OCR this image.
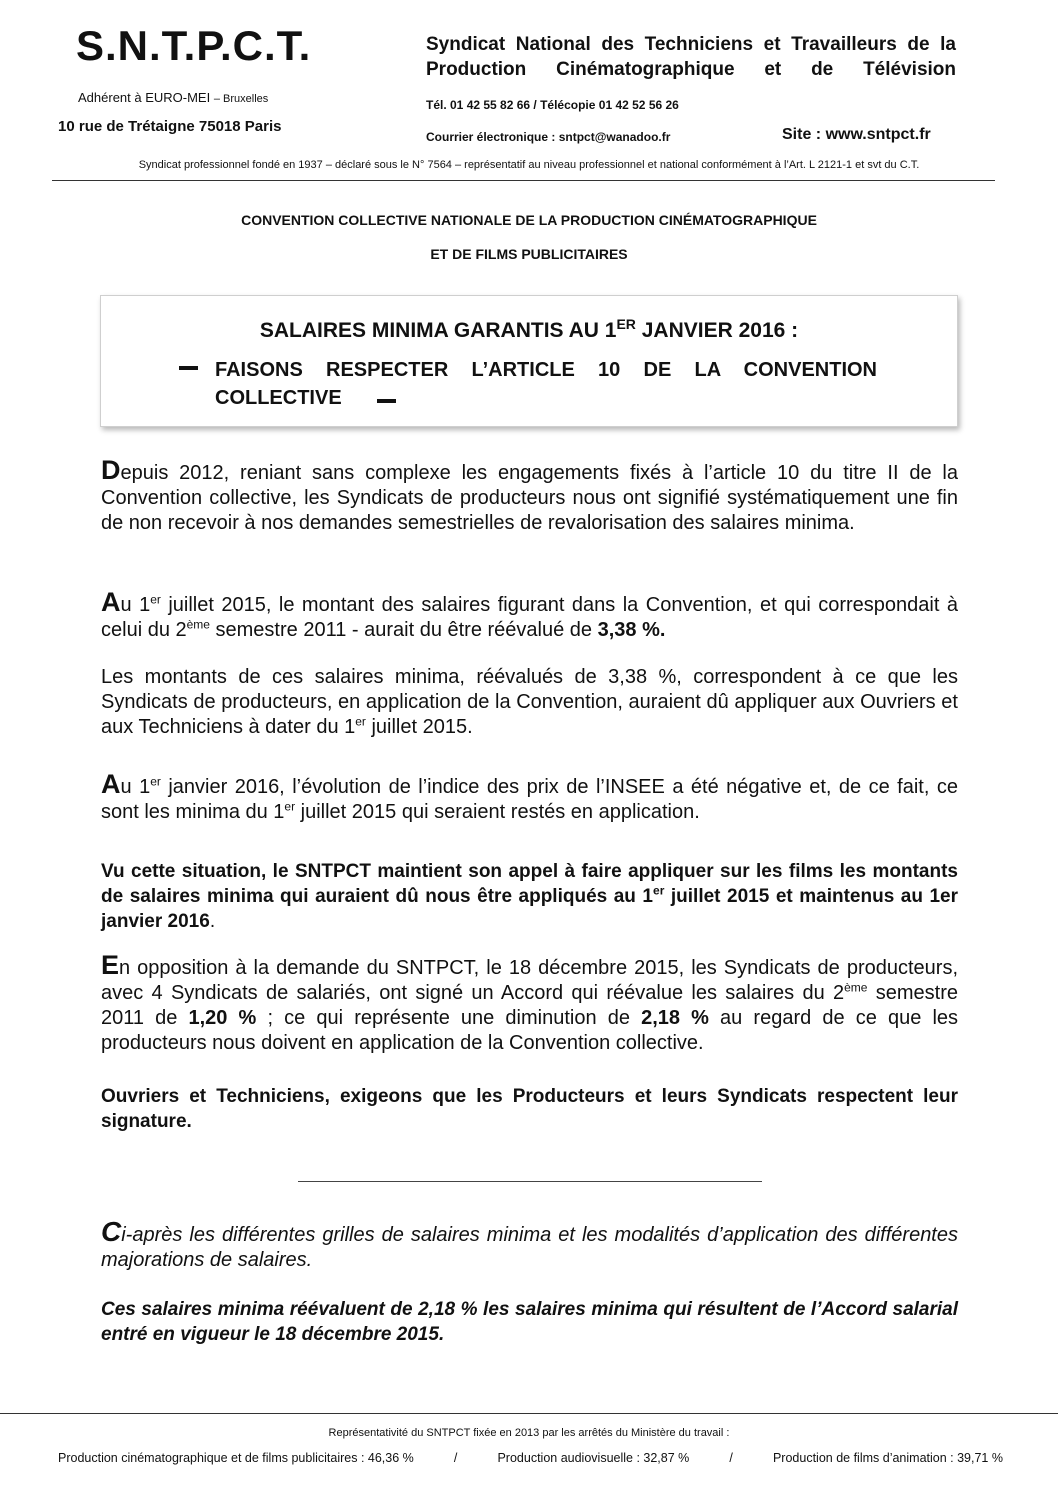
S.N.T.P.C.T.
Adhérent à EURO-MEI – Bruxelles
10 rue de Trétaigne 75018 Paris
Syndicat National des Techniciens et Travailleurs de la Production Cinématographique et de Télévision
Tél. 01 42 55 82 66 / Télécopie 01 42 52 56 26
Courrier électronique : sntpct@wanadoo.fr	Site : www.sntpct.fr
Syndicat professionnel fondé en 1937 – déclaré sous le N° 7564 – représentatif au niveau professionnel et national conformément à l’Art. L 2121-1 et svt du C.T.
CONVENTION COLLECTIVE NATIONALE DE LA PRODUCTION CINÉMATOGRAPHIQUE
ET DE FILMS PUBLICITAIRES
SALAIRES MINIMA GARANTIS AU 1ER JANVIER 2016 :
FAISONS RESPECTER L’ARTICLE 10 DE LA CONVENTION
COLLECTIVE
Depuis 2012, reniant sans complexe les engagements fixés à l’article 10 du titre II de la Convention collective, les Syndicats de producteurs nous ont signifié systématiquement une fin de non recevoir à nos demandes semestrielles de revalorisation des salaires minima.
Au 1er juillet 2015, le montant des salaires figurant dans la Convention, et qui correspondait à celui du 2ème semestre 2011 - aurait du être réévalué de 3,38 %.
Les montants de ces salaires minima, réévalués de 3,38 %, correspondent à ce que les Syndicats de producteurs, en application de la Convention, auraient dû appliquer aux Ouvriers et aux Techniciens à dater du 1er juillet 2015.
Au 1er janvier 2016, l’évolution de l’indice des prix de l’INSEE a été négative et, de ce fait, ce sont les minima du 1er juillet 2015 qui seraient restés en application.
Vu cette situation, le SNTPCT maintient son appel à faire appliquer sur les films les montants de salaires minima qui auraient dû nous être appliqués au 1er juillet 2015 et maintenus au 1er janvier 2016.
En opposition à la demande du SNTPCT, le 18 décembre 2015, les Syndicats de producteurs, avec 4 Syndicats de salariés, ont signé un Accord qui réévalue les salaires du 2ème semestre 2011 de 1,20 % ; ce qui représente une diminution de 2,18 % au regard de ce que les producteurs nous doivent en application de la Convention collective.
Ouvriers et Techniciens, exigeons que les Producteurs et leurs Syndicats respectent leur signature.
Ci-après les différentes grilles de salaires minima et les modalités d’application des différentes majorations de salaires.
Ces salaires minima réévaluent de 2,18 % les salaires minima qui résultent de l’Accord salarial entré en vigueur le 18 décembre 2015.
Représentativité du SNTPCT fixée en 2013 par les arrêtés du Ministère du travail :
Production cinématographique et de films publicitaires : 46,36 %	/	Production audiovisuelle : 32,87 %	/	Production de films d’animation : 39,71 %
